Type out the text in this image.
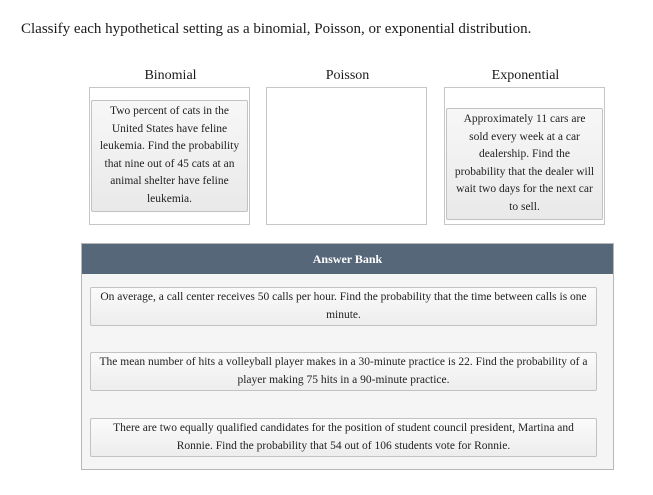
Classify each hypothetical setting as a binomial, Poisson, or exponential distribution.
Binomial	Poisson	Exponential
Two percent of cats in the United States have feline leukemia. Find the probability that nine out of 45 cats at an animal shelter have feline leukemia.
Approximately 11 cars are sold every week at a car dealership. Find the probability that the dealer will wait two days for the next car to sell.
Answer Bank
On average, a call center receives 50 calls per hour. Find the probability that the time between calls is one minute.
The mean number of hits a volleyball player makes in a 30-minute practice is 22. Find the probability of a player making 75 hits in a 90-minute practice.
There are two equally qualified candidates for the position of student council president, Martina and Ronnie. Find the probability that 54 out of 106 students vote for Ronnie.
